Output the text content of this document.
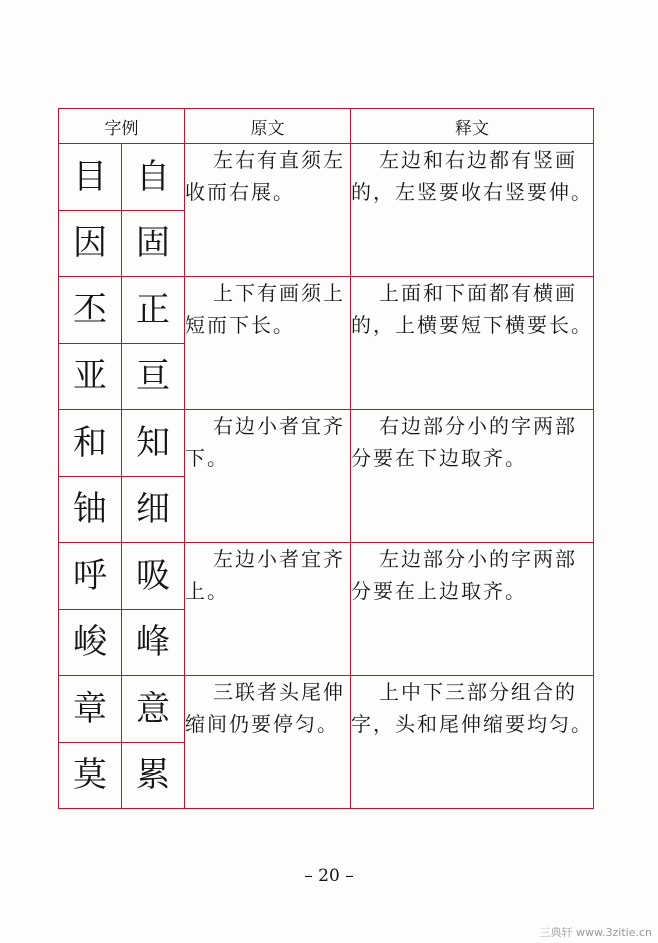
字例		原文	释文
目	自	左右有直须左收而右展。	左边和右边都有竖画的，左竖要收右竖要伸。

因	固		
丕	正	上下有画须上短而下长。	上面和下面都有横画的，上横要短下横要长。

亚	亘		
和	知	右边小者宜齐下。	右边部分小的字两部分要在下边取齐。

铀	细		
呼	吸	左边小者宜齐上。	左边部分小的字两部分要在上边取齐。

峻	峰		
章	意	三联者头尾伸缩间仍要停匀。	上中下三部分组合的字，头和尾伸缩要均匀。

莫	累		
– 20 –
三典轩 www.3zitie.cn
